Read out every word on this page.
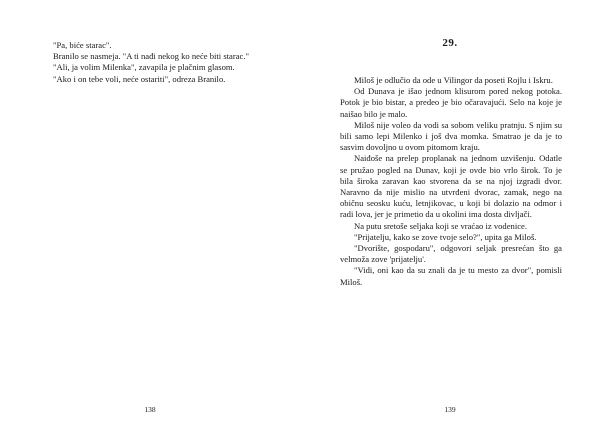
"Pa, biće starac".

Branilo se nasmeja. "A ti nađi nekog ko neće biti starac."

"Ali, ja volim Milenka", zavapila je plačnim glasom.

"Ako i on tebe voli, neće ostariti", odreza Branilo.

138
29.

Miloš je odlučio da ode u Vilingor da poseti Rojlu i Iskru.

Od Dunava je išao jednom klisurom pored nekog potoka. Potok je bio bistar, a predeo je bio očaravajući. Selo na koje je naišao bilo je malo.

Miloš nije voleo da vodi sa sobom veliku pratnju. S njim su bili samo lepi Milenko i još dva momka. Smatrao je da je to sasvim dovoljno u ovom pitomom kraju.

Naiđoše na prelep proplanak na jednom uzvišenju. Odatle se pružao pogled na Dunav, koji je ovde bio vrlo širok. To je bila široka zaravan kao stvorena da se na njoj izgradi dvor. Naravno da nije mislio na utvrđeni dvorac, zamak, nego na običnu seosku kuću, letnjikovac, u koji bi dolazio na odmor i radi lova, jer je primetio da u okolini ima dosta divljači.

Na putu sretoše seljaka koji se vraćao iz vodenice.

"Prijatelju, kako se zove tvoje selo?", upita ga Miloš.

"Dvorište, gospodaru", odgovori seljak presrećan što ga velmoža zove 'prijatelju'.

"Vidi, oni kao da su znali da je tu mesto za dvor", pomisli Miloš.

139
